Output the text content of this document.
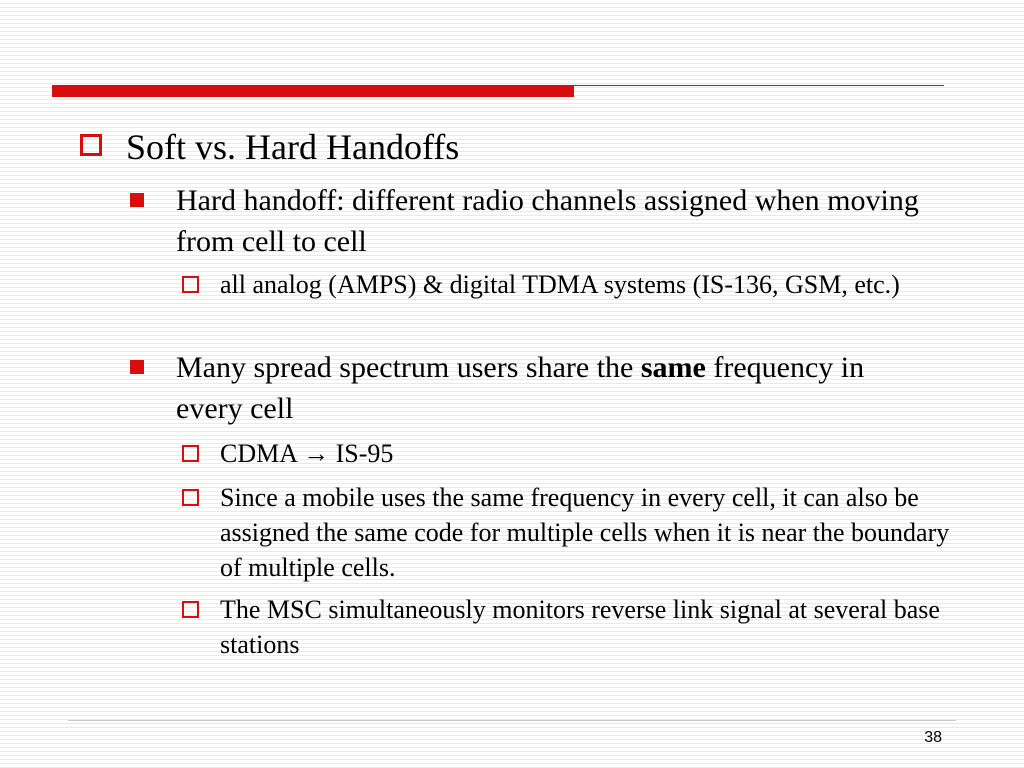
Soft vs. Hard Handoffs
Hard handoff: different radio channels assigned when moving from cell to cell
all analog (AMPS) & digital TDMA systems (IS-136, GSM, etc.)
Many spread spectrum users share the same frequency in every cell
CDMA → IS-95
Since a mobile uses the same frequency in every cell, it can also be assigned the same code for multiple cells when it is near the boundary of multiple cells.
The MSC simultaneously monitors reverse link signal at several base stations
38
